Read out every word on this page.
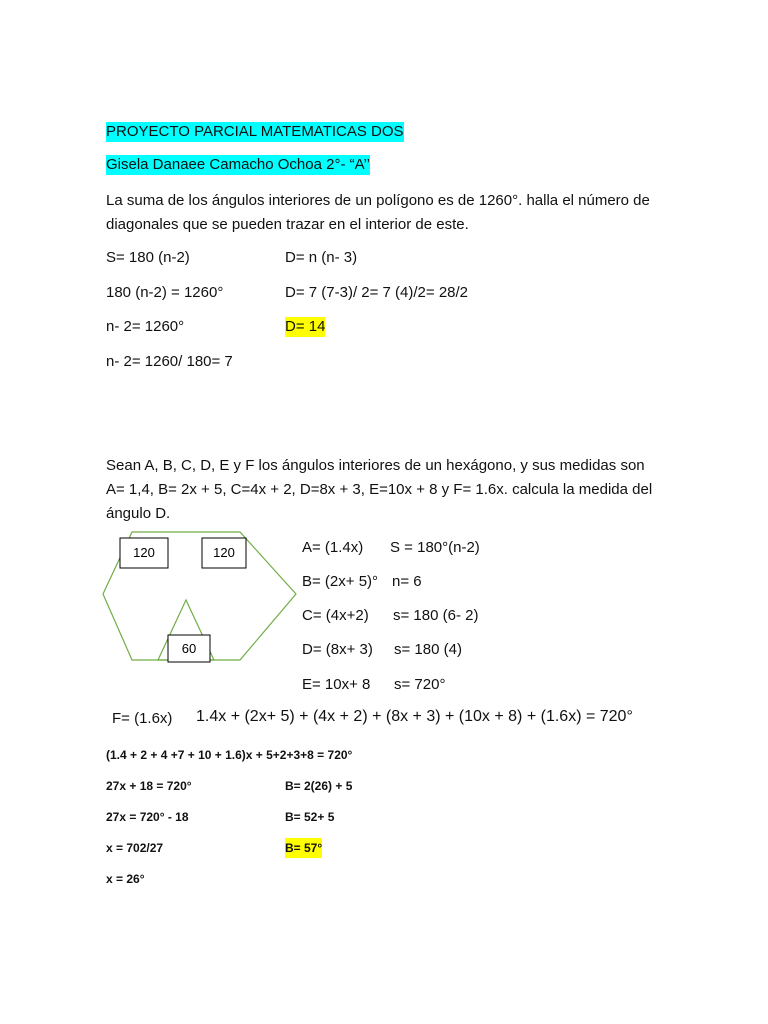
PROYECTO PARCIAL MATEMATICAS DOS
Gisela Danaee Camacho Ochoa 2°- “A’’
La suma de los ángulos interiores de un polígono es de 1260°. halla el número de diagonales que se pueden trazar en el interior de este.
S= 180 (n-2)
180 (n-2) = 1260°
n- 2= 1260°
n- 2= 1260/ 180= 7
D= n (n- 3)
D= 7 (7-3)/ 2= 7 (4)/2= 28/2
D= 14
Sean A, B, C, D, E y F los ángulos interiores de un hexágono, y sus medidas son A= 1,4, B= 2x + 5, C=4x + 2, D=8x + 3, E=10x + 8 y F= 1.6x. calcula la medida del ángulo D.
120	120
60
A= (1.4x)
B= (2x+ 5)°
C= (4x+2)
D= (8x+ 3)
E= 10x+ 8
F= (1.6x)
S = 180°(n-2)
n= 6
s= 180 (6- 2)
s= 180 (4)
s= 720°
1.4x + (2x+ 5) + (4x + 2) + (8x + 3) + (10x + 8) + (1.6x) = 720°
(1.4 + 2 + 4 +7 + 10 + 1.6)x + 5+2+3+8 = 720°
27x + 18 = 720°
27x = 720° - 18
x = 702/27
x = 26°
B= 2(26) + 5
B= 52+ 5
B= 57°
